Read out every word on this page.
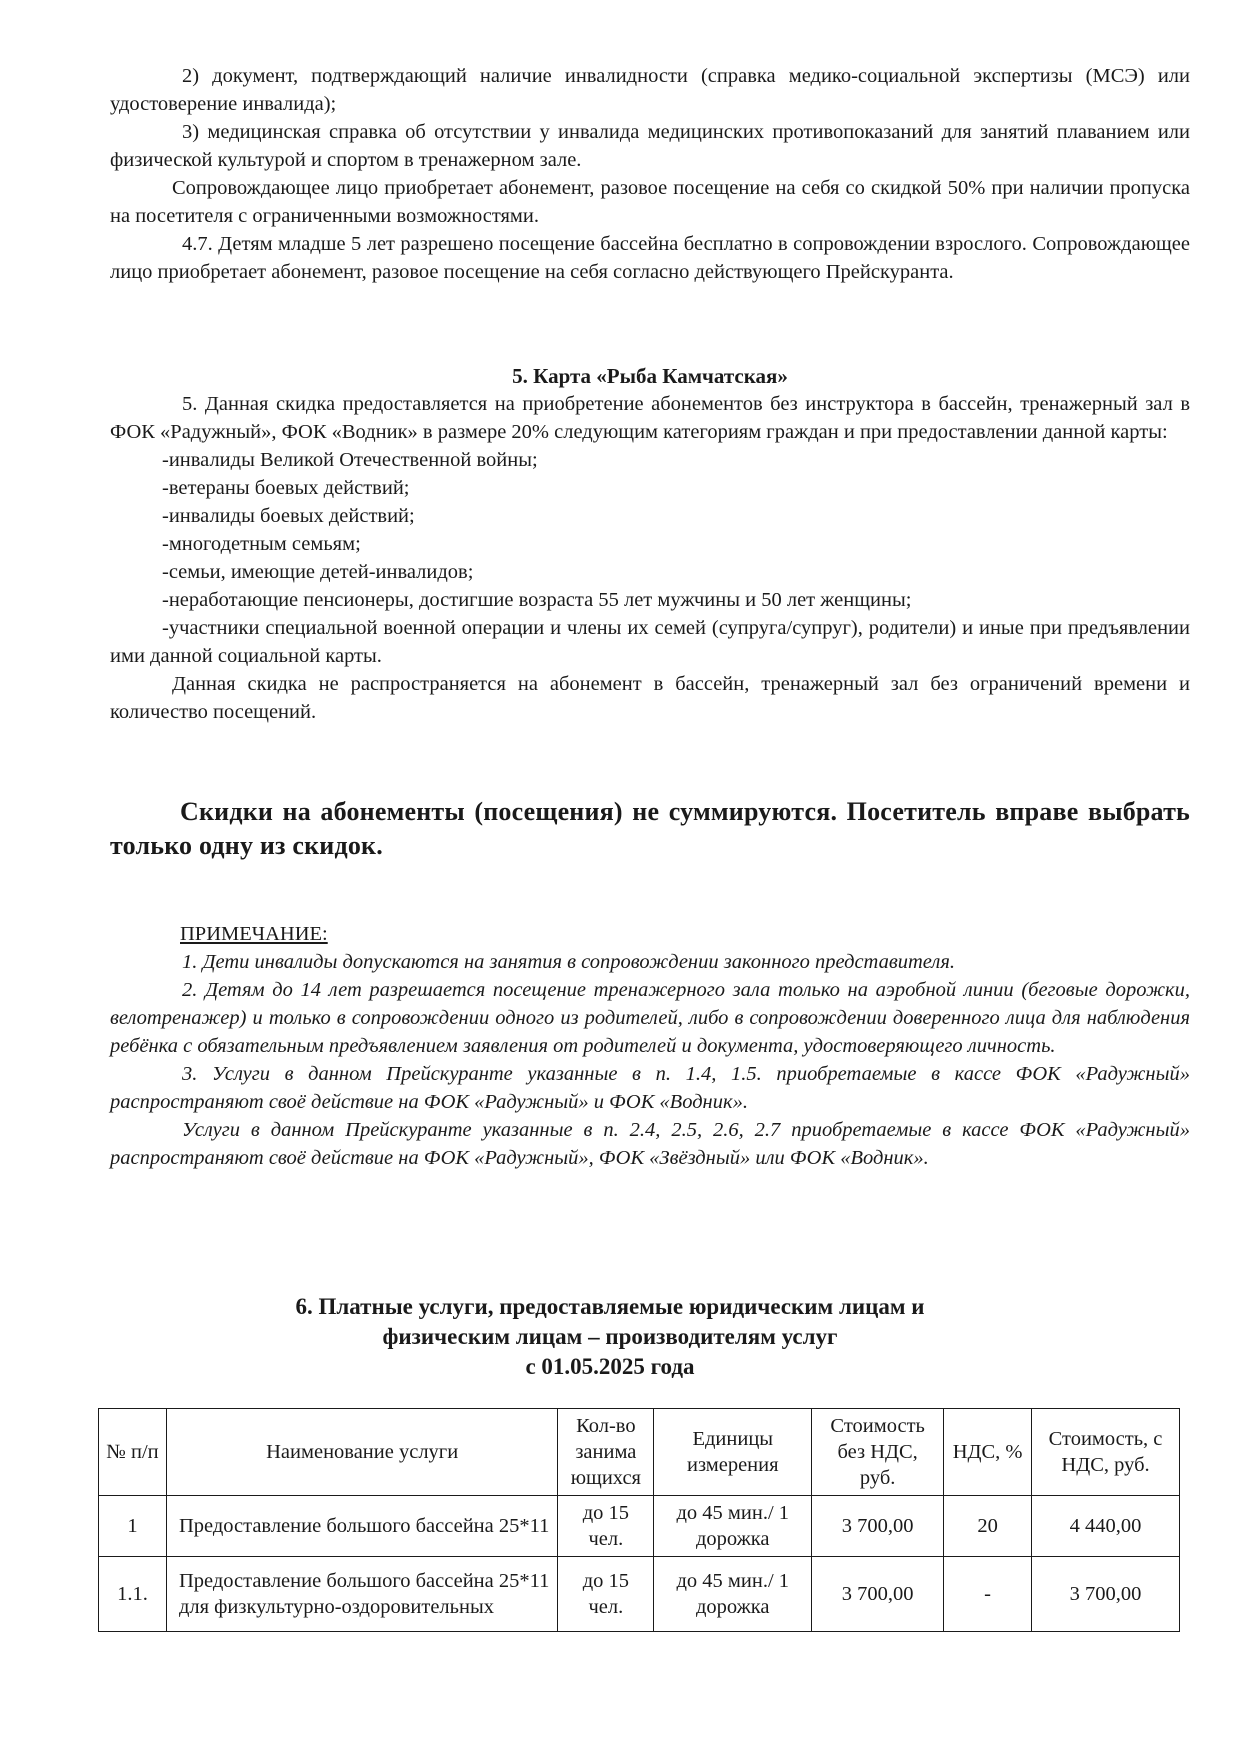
2) документ, подтверждающий наличие инвалидности (справка медико-социальной экспертизы (МСЭ) или удостоверение инвалида);

3) медицинская справка об отсутствии у инвалида медицинских противопоказаний для занятий плаванием или физической культурой и спортом в тренажерном зале.

Сопровождающее лицо приобретает абонемент, разовое посещение на себя со скидкой 50% при наличии пропуска на посетителя с ограниченными возможностями.

4.7. Детям младше 5 лет разрешено посещение бассейна бесплатно в сопровождении взрослого. Сопровождающее лицо приобретает абонемент, разовое посещение на себя согласно действующего Прейскуранта.

5. Карта «Рыба Камчатская»

5. Данная скидка предоставляется на приобретение абонементов без инструктора в бассейн, тренажерный зал в ФОК «Радужный», ФОК «Водник» в размере 20% следующим категориям граждан и при предоставлении данной карты:

-инвалиды Великой Отечественной войны;

-ветераны боевых действий;

-инвалиды боевых действий;

-многодетным семьям;

-семьи, имеющие детей-инвалидов;

-неработающие пенсионеры, достигшие возраста 55 лет мужчины и 50 лет женщины;

-участники специальной военной операции и члены их семей (супруга/супруг), родители) и иные при предъявлении ими данной социальной карты.

Данная скидка не распространяется на абонемент в бассейн, тренажерный зал без ограничений времени и количество посещений.

Скидки на абонементы (посещения) не суммируются. Посетитель вправе выбрать только одну из скидок.

ПРИМЕЧАНИЕ:

1. Дети инвалиды допускаются на занятия в сопровождении законного представителя.

2. Детям до 14 лет разрешается посещение тренажерного зала только на аэробной линии (беговые дорожки, велотренажер) и только в сопровождении одного из родителей, либо в сопровождении доверенного лица для наблюдения ребёнка с обязательным предъявлением заявления от родителей и документа, удостоверяющего личность.

3. Услуги в данном Прейскуранте указанные в п. 1.4, 1.5. приобретаемые в кассе ФОК «Радужный» распространяют своё действие на ФОК «Радужный» и ФОК «Водник».

Услуги в данном Прейскуранте указанные в п. 2.4, 2.5, 2.6, 2.7 приобретаемые в кассе ФОК «Радужный» распространяют своё действие на ФОК «Радужный», ФОК «Звёздный» или ФОК «Водник».

6. Платные услуги, предоставляемые юридическим лицам и

физическим лицам – производителям услуг

с 01.05.2025 года

№ п/п	Наименование услуги	Кол-во занима ющихся	Единицы измерения	Стоимость без НДС, руб.	НДС, %	Стоимость, с НДС, руб.
1	Предоставление большого бассейна 25*11	до 15 чел.	до 45 мин./ 1 дорожка	3 700,00	20	4 440,00
1.1.	Предоставление большого бассейна 25*11 для физкультурно-оздоровительных	до 15 чел.	до 45 мин./ 1 дорожка	3 700,00	-	3 700,00
